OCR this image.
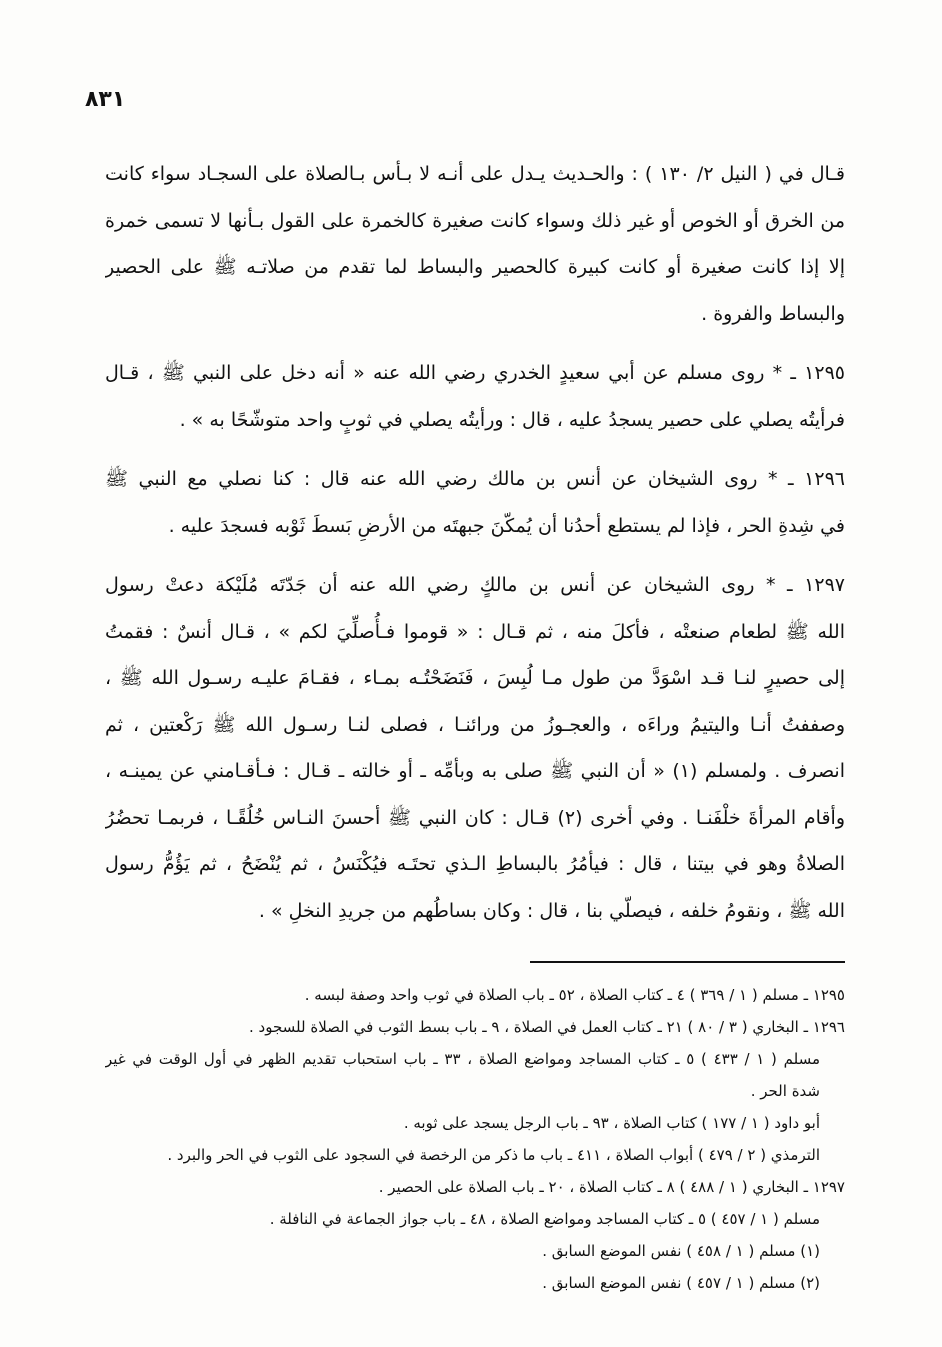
٨٣١
قـال في ( النيل ٢/ ١٣٠ ) : والحـديث يـدل على أنـه لا بـأس بـالصلاة على السجـاد سواء كانت
من الخرق أو الخوص أو غير ذلك وسواء كانت صغيرة كالخمرة على القول بـأنها لا تسمى خمرة
إلا إذا كانت صغيرة أو كانت كبيرة كالحصير والبساط لما تقدم من صلاتـه ﷺ على الحصير
والبساط والفروة .
١٢٩٥ ـ * روى مسلم عن أبي سعيدٍ الخدري رضي الله عنه « أنه دخل على النبي ﷺ ، قـال
فرأيتُه يصلي على حصير يسجدُ عليه ، قال : ورأيتُه يصلي في ثوبٍ واحد متوشّحًا به » .
١٢٩٦ ـ * روى الشيخان عن أنس بن مالك رضي الله عنه قال : كنا نصلي مع النبي ﷺ
في شِدةِ الحر ، فإذا لم يستطع أحدُنا أن يُمكّنَ جبهتَه من الأرضِ بَسطَ ثَوْبه فسجدَ عليه .
١٢٩٧ ـ * روى الشيخان عن أنس بن مالكٍ رضي الله عنه أن جَدّتَه مُلَيْكة دعتْ رسول
الله ﷺ لطعام صنعتْه ، فأكلَ منه ، ثم قـال : « قوموا فـأُصلِّيَ لكم » ، قـال أنسٌ : فقمتُ
إلى حصيرٍ لنـا قـد اسْوَدَّ من طول مـا لُبِسَ ، فَنَضَحْتُـه بمـاء ، فقـامَ عليـه رسـول الله ﷺ ،
وصففتُ أنـا واليتيمُ وراءَه ، والعجـوزُ من ورائنـا ، فصلى لنـا رسـول الله ﷺ رَكْعتين ، ثم
انصرف . ولمسلم (١) « أن النبي ﷺ صلى به وبأمِّه ـ أو خالته ـ قـال : فـأقـامني عن يمينـه ،
وأقام المرأةَ خلْفَنـا . وفي أخرى (٢) قـال : كان النبي ﷺ أحسنَ النـاس خُلُقًـا ، فربمـا تحضُرُ
الصلاةُ وهو في بيتنا ، قال : فيأمُرُ بالبساطِ الـذي تحتَـه فيُكْنَسُ ، ثم يُنْضَحُ ، ثم يَؤُمُّ رسول
الله ﷺ ، ونقومُ خلفه ، فيصلّي بنا ، قال : وكان بساطُهم من جريدِ النخلِ » .
١٢٩٥ ـ مسلم ( ١ / ٣٦٩ ) ٤ ـ كتاب الصلاة ، ٥٢ ـ باب الصلاة في ثوب واحد وصفة لبسه .
١٢٩٦ ـ البخاري ( ٣ / ٨٠ ) ٢١ ـ كتاب العمل في الصلاة ، ٩ ـ باب بسط الثوب في الصلاة للسجود .
مسلم ( ١ / ٤٣٣ ) ٥ ـ كتاب المساجد ومواضع الصلاة ، ٣٣ ـ باب استحباب تقديم الظهر في أول الوقت في غير
شدة الحر .
أبو داود ( ١ / ١٧٧ ) كتاب الصلاة ، ٩٣ ـ باب الرجل يسجد على ثوبه .
الترمذي ( ٢ / ٤٧٩ ) أبواب الصلاة ، ٤١١ ـ باب ما ذكر من الرخصة في السجود على الثوب في الحر والبرد .
١٢٩٧ ـ البخاري ( ١ / ٤٨٨ ) ٨ ـ كتاب الصلاة ، ٢٠ ـ باب الصلاة على الحصير .
مسلم ( ١ / ٤٥٧ ) ٥ ـ كتاب المساجد ومواضع الصلاة ، ٤٨ ـ باب جواز الجماعة في النافلة .
(١) مسلم ( ١ / ٤٥٨ ) نفس الموضع السابق .
(٢) مسلم ( ١ / ٤٥٧ ) نفس الموضع السابق .
